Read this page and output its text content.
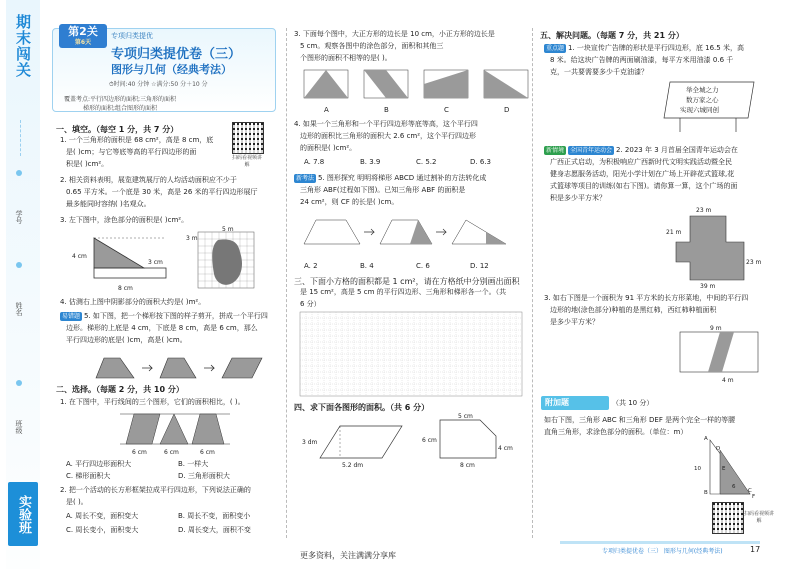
期末闯关
学号
姓名
班级
实验班
第2关
第6天
专项归类提优
专项归类提优卷（三）
图形与几何（经典考法）
⏱时间:40 分钟 ☆满分:50 分＋10 分
覆盖考点:平行四边形的面积;三角形的面积
梯形的面积;组合图形的面积
扫码看视频讲解
一、填空。（每空 1 分，共 7 分）
1. 一个三角形的面积是 68 cm²，高是 8 cm，底
是( )cm；与它等底等高的平行四边形的面
积是( )cm²。
2. 相关资料表明，展览建筑展厅的人均活动面积应不少于
0.65 平方米。一个底是 30 米，高是 26 米的平行四边形展厅
最多能同时容纳( )名观众。
3. 左下图中，涂色部分的面积是( )cm²。
4 cm
3 cm
8 cm
3 m
5 m
4. 估测右上图中阴影部分的面积大约是( )m²。
易错题 5. 如下图，把一个梯形按下图的样子剪开，拼成一个平行四
边形。梯形的上底是 4 cm，下底是 8 cm，高是 6 cm，那么
平行四边形的底是( )cm，高是( )cm。
二、选择。（每题 2 分，共 10 分）
1. 在下图中，平行线间的三个图形，它们的面积相比，( )。
6 cm	6 cm	6 cm
A. 平行四边形面积大	B. 一样大
C. 梯形面积大	D. 三角形面积大
2. 把一个活动的长方形框架拉成平行四边形，下列说法正确的
是( )。
A. 周长不变，面积变大	B. 周长不变，面积变小
C. 周长变小，面积变大	D. 周长变大，面积不变
3. 下面每个图中，大正方形的边长是 10 cm，小正方形的边长是
5 cm。观察各图中的涂色部分，面积和其他三
个图形的面积不相等的是( )。
A	B	C	D
4. 如果一个三角形和一个平行四边形等底等高，这个平行四
边形的面积比三角形的面积大 2.6 cm²，这个平行四边形
的面积是( )cm²。
A. 7.8	B. 3.9	C. 5.2	D. 6.3
新考法 5. 图形探究 明明将梯形 ABCD 通过割补的方法转化成
三角形 ABF(过程如下图)。已知三角形 ABF 的面积是
24 cm²，则 CF 的长是( )cm。
A. 2	B. 4	C. 6	D. 12
三、下面小方格的面积都是 1 cm²，请在方格纸中分别画出面积
是 15 cm²，高是 5 cm 的平行四边形、三角形和梯形各一个。（共
6 分）
四、求下面各图形的面积。（共 6 分）
3 dm
5.2 dm
5 cm
6 cm
4 cm
8 cm
五、解决问题。（每题 7 分，共 21 分）
重点题 1. 一块宣传广告牌的形状是平行四边形，底 16.5 米，高
8 米。给这块广告牌的两面刷油漆，每平方米用油漆 0.6 千
克，一共要需要多少千克油漆？
举全城之力
数万家之心
实现六城同创
新情境 全国青年运动会 2. 2023 年 3 月首届全国青年运动会在
广西正式启动，为积极响应广西新时代文明实践活动暨全民
健身志愿服务活动，阳光小学计划在广场上开辟花式篮球,花
式篮球等项目的训练(如右下图)。请你算一算，这个广场的面
积是多少平方米？
23 m
21 m
23 m
39 m
3. 如右下图是一个面积为 91 平方米的长方形菜地，中间的平行四
边形的地(涂色部分)种植的是黑红柿，西红柿种植面积
是多少平方米？
9 m
4 m
附加题	（共 10 分）
如右下图，三角形 ABC 和三角形 DEF 是两个完全一样的等腰
直角三角形，求涂色部分的面积。（单位：m）
A
D
E
B	C
F
10
6
扫码看视频讲解
专项归类提优卷（三） 图形与几何(经典考法)	17
更多资料，关注满满分享库
